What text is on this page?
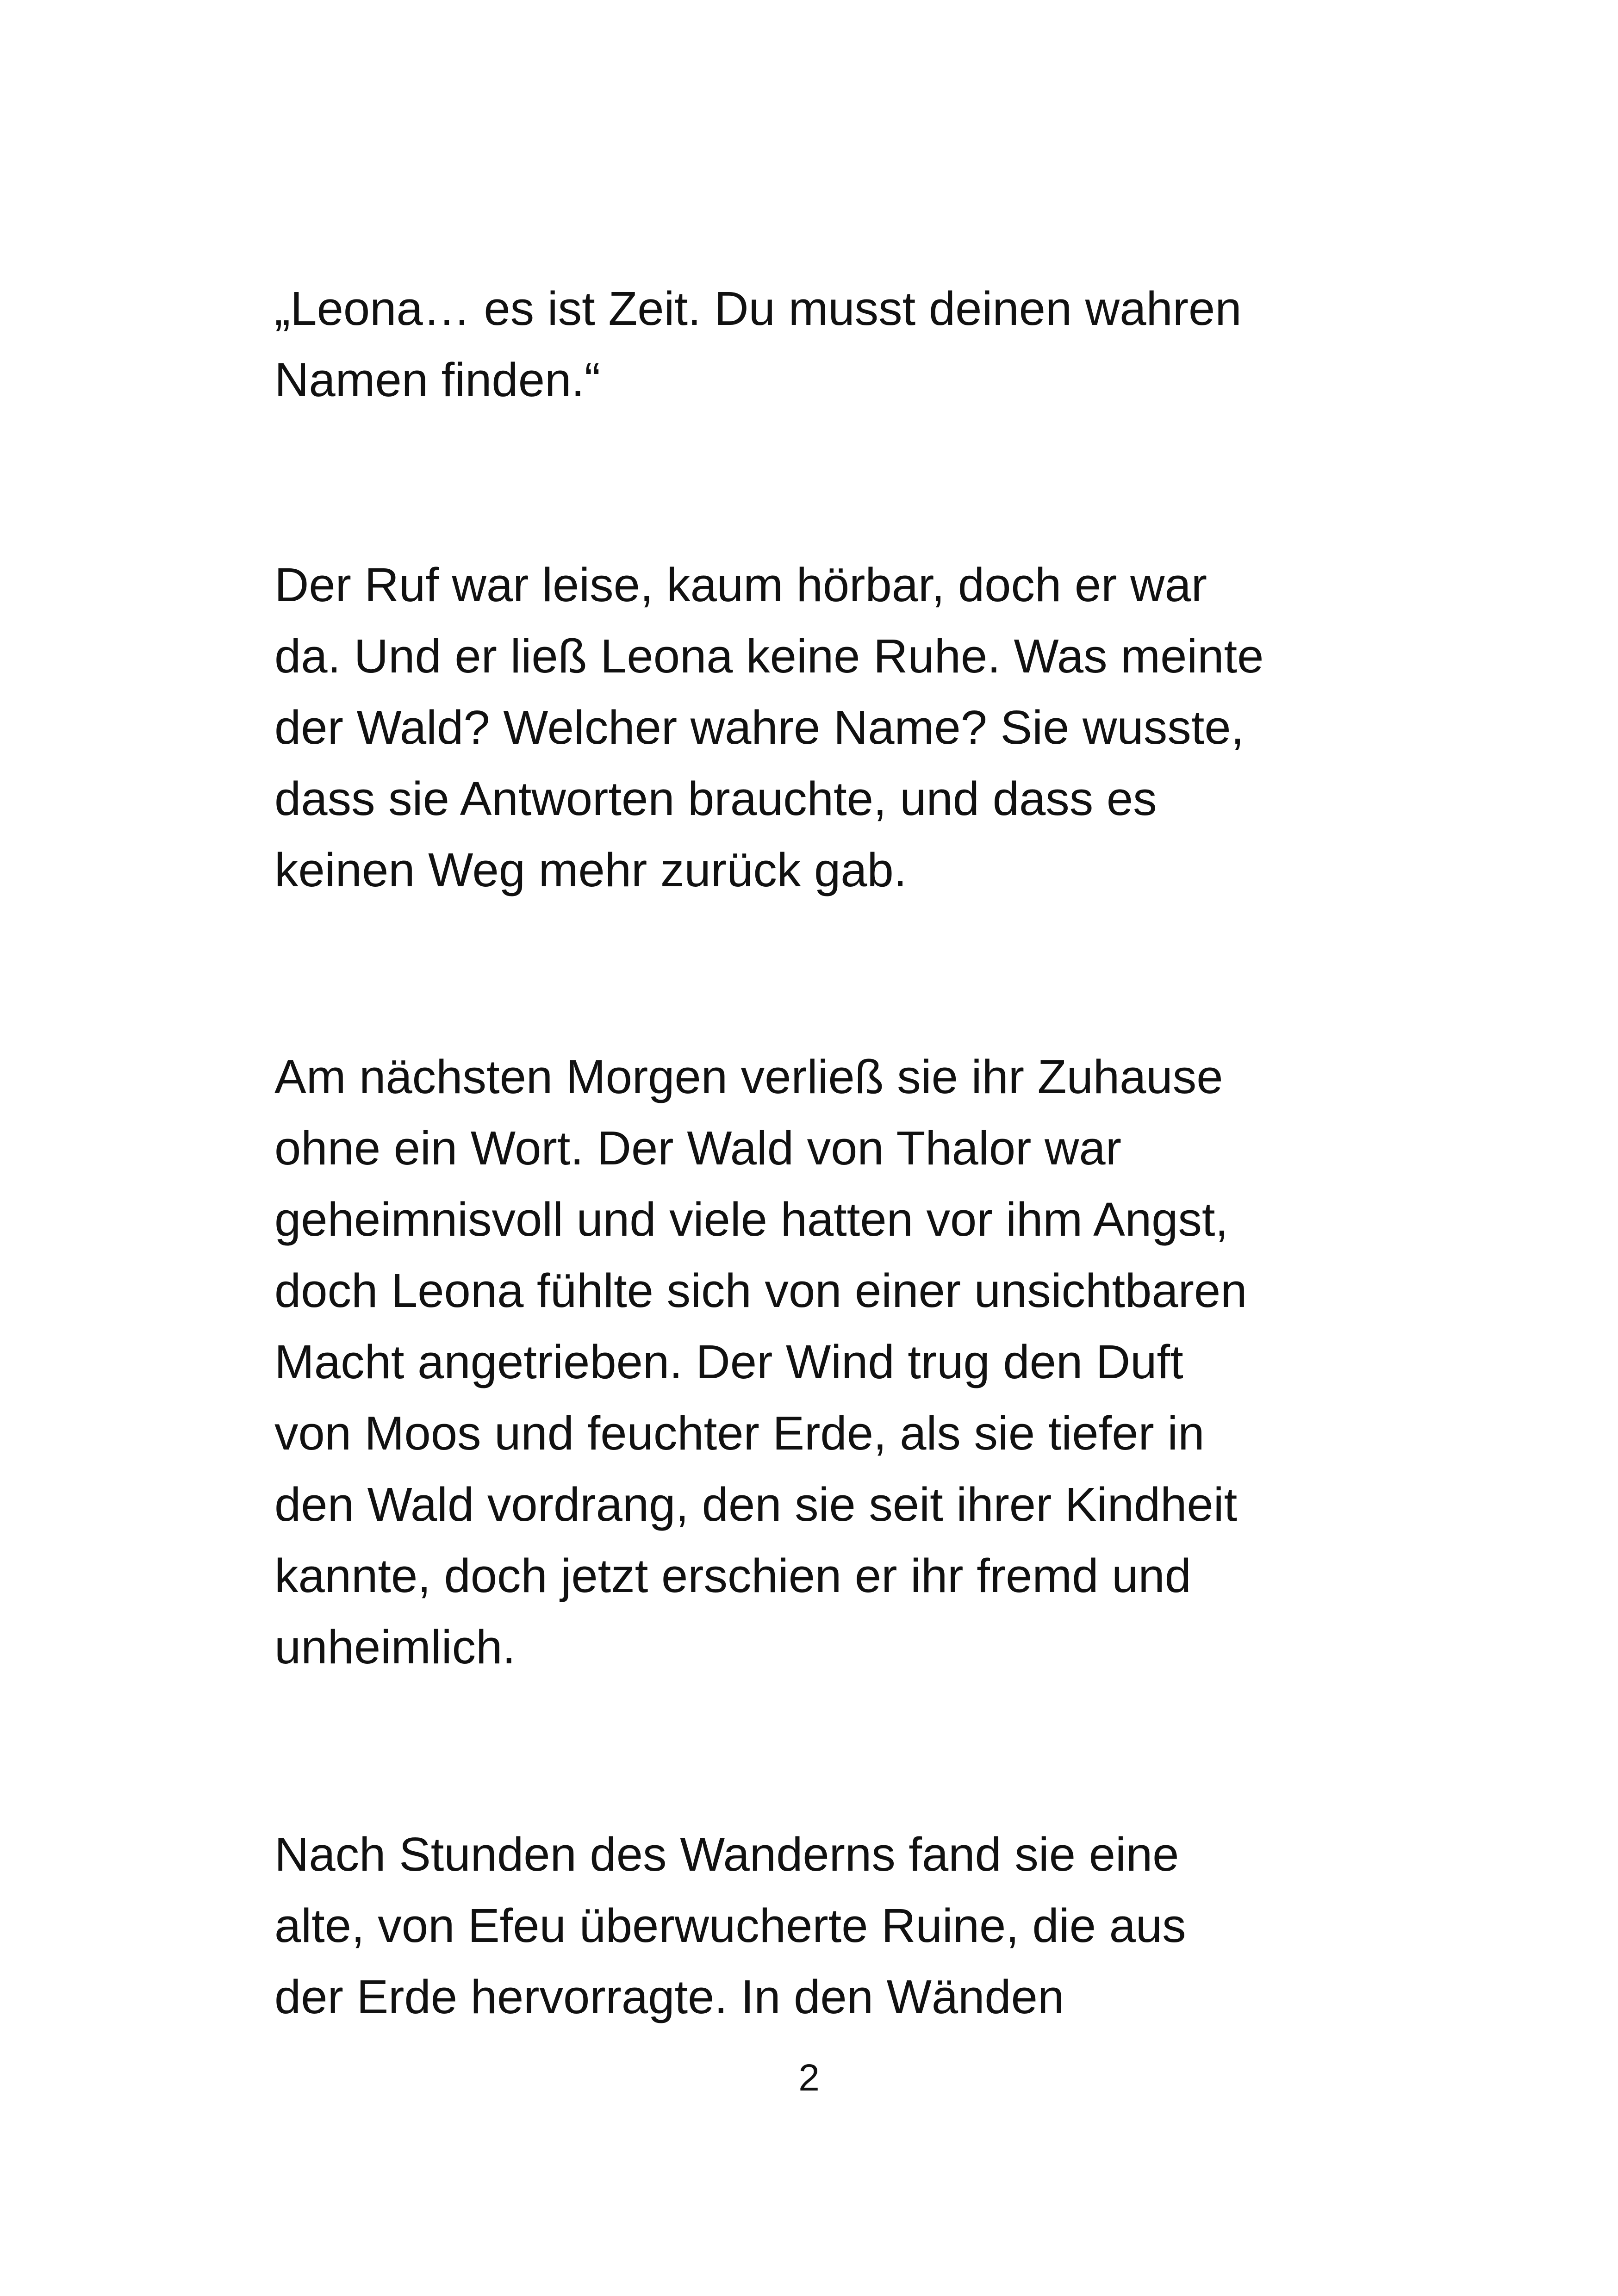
„Leona… es ist Zeit. Du musst deinen wahren
Namen finden.“

Der Ruf war leise, kaum hörbar, doch er war
da. Und er ließ Leona keine Ruhe. Was meinte
der Wald? Welcher wahre Name? Sie wusste,
dass sie Antworten brauchte, und dass es
keinen Weg mehr zurück gab.

Am nächsten Morgen verließ sie ihr Zuhause
ohne ein Wort. Der Wald von Thalor war
geheimnisvoll und viele hatten vor ihm Angst,
doch Leona fühlte sich von einer unsichtbaren
Macht angetrieben. Der Wind trug den Duft
von Moos und feuchter Erde, als sie tiefer in
den Wald vordrang, den sie seit ihrer Kindheit
kannte, doch jetzt erschien er ihr fremd und
unheimlich.

Nach Stunden des Wanderns fand sie eine
alte, von Efeu überwucherte Ruine, die aus
der Erde hervorragte. In den Wänden

2
